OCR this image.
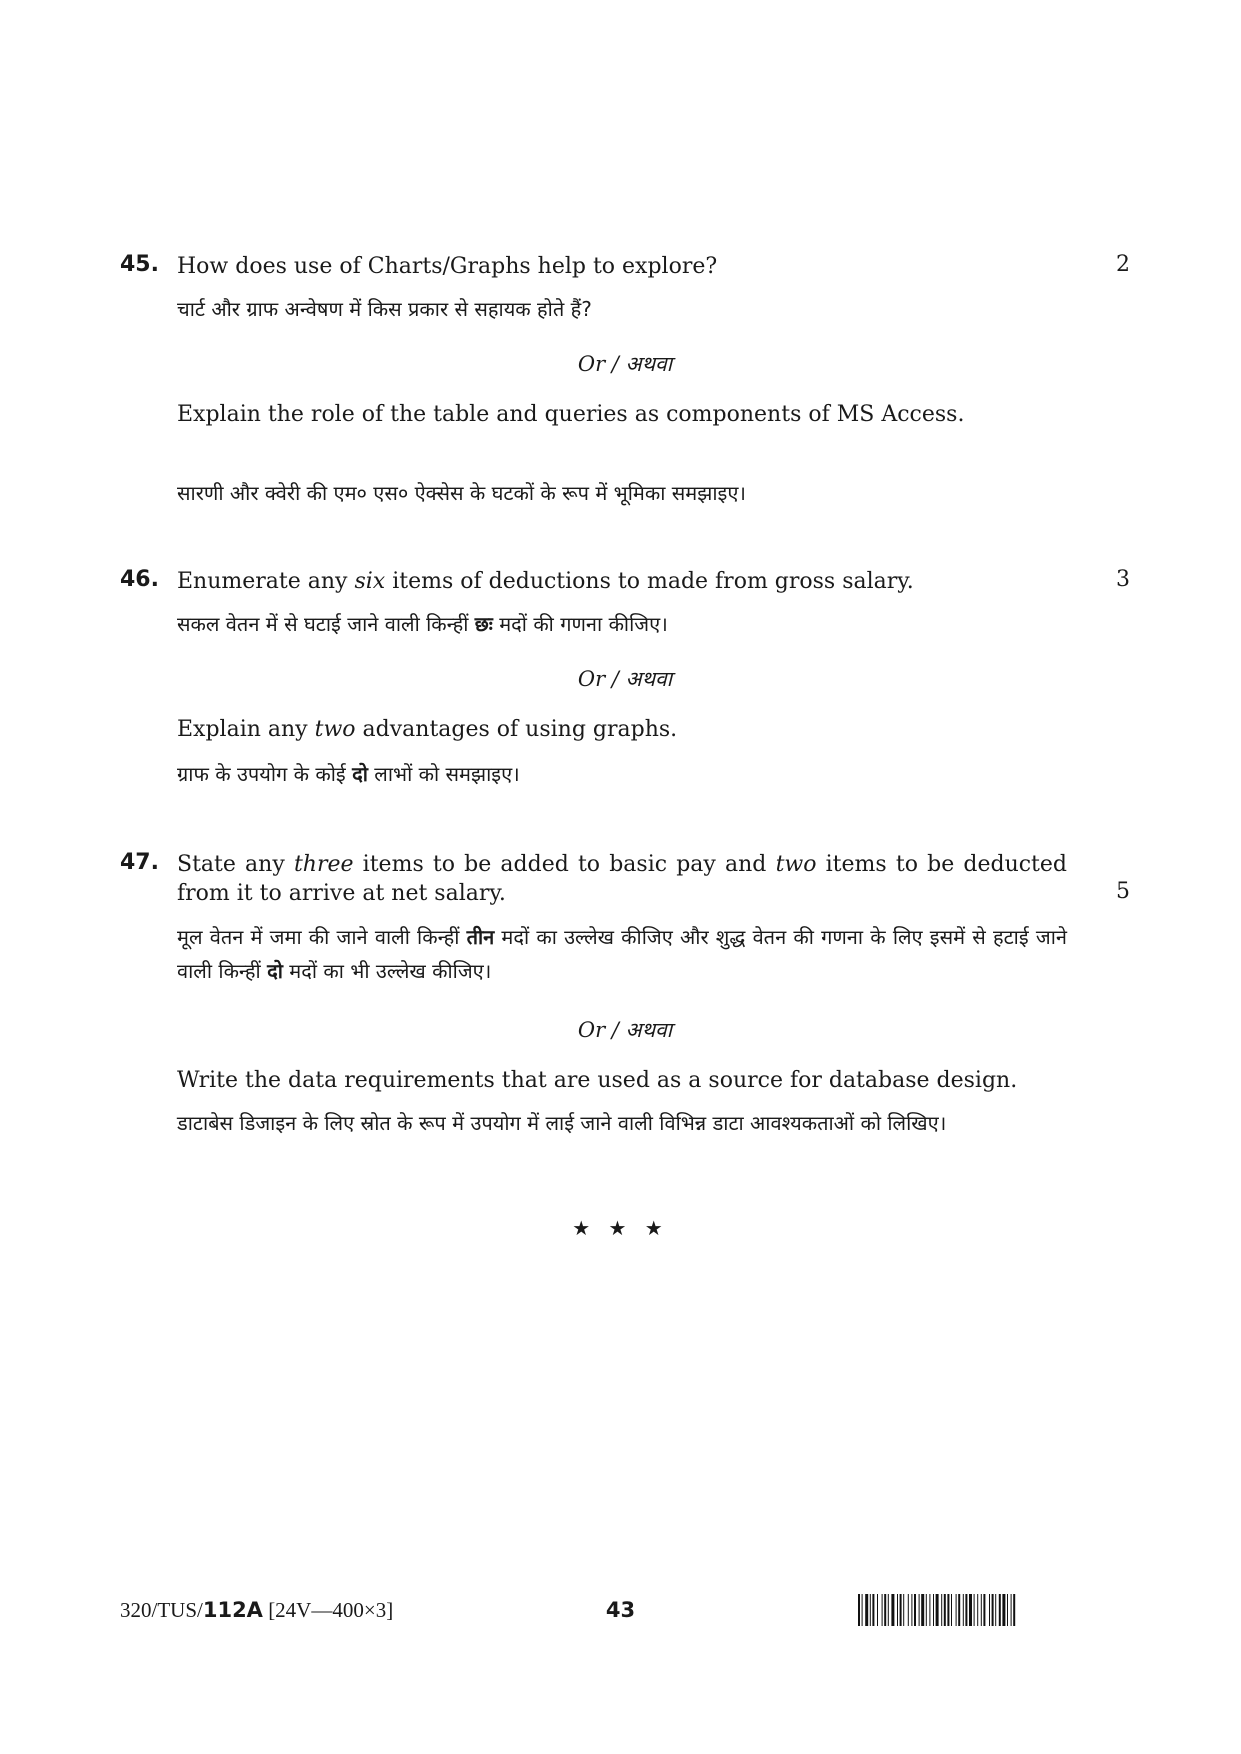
45. How does use of Charts/Graphs help to explore?	2
चार्ट और ग्राफ अन्वेषण में किस प्रकार से सहायक होते हैं?
Or / अथवा
Explain the role of the table and queries as components of MS Access.
सारणी और क्वेरी की एम० एस० ऐक्सेस के घटकों के रूप में भूमिका समझाइए।
46. Enumerate any six items of deductions to made from gross salary.	3
सकल वेतन में से घटाई जाने वाली किन्हीं छः मदों की गणना कीजिए।
Or / अथवा
Explain any two advantages of using graphs.
ग्राफ के उपयोग के कोई दो लाभों को समझाइए।
47. State any three items to be added to basic pay and two items to be deducted from it to arrive at net salary.	5
मूल वेतन में जमा की जाने वाली किन्हीं तीन मदों का उल्लेख कीजिए और शुद्ध वेतन की गणना के लिए इसमें से हटाई जाने वाली किन्हीं दो मदों का भी उल्लेख कीजिए।
Or / अथवा
Write the data requirements that are used as a source for database design.
डाटाबेस डिजाइन के लिए स्रोत के रूप में उपयोग में लाई जाने वाली विभिन्न डाटा आवश्यकताओं को लिखिए।
★ ★ ★
320/TUS/112A [24V—400×3]	43
